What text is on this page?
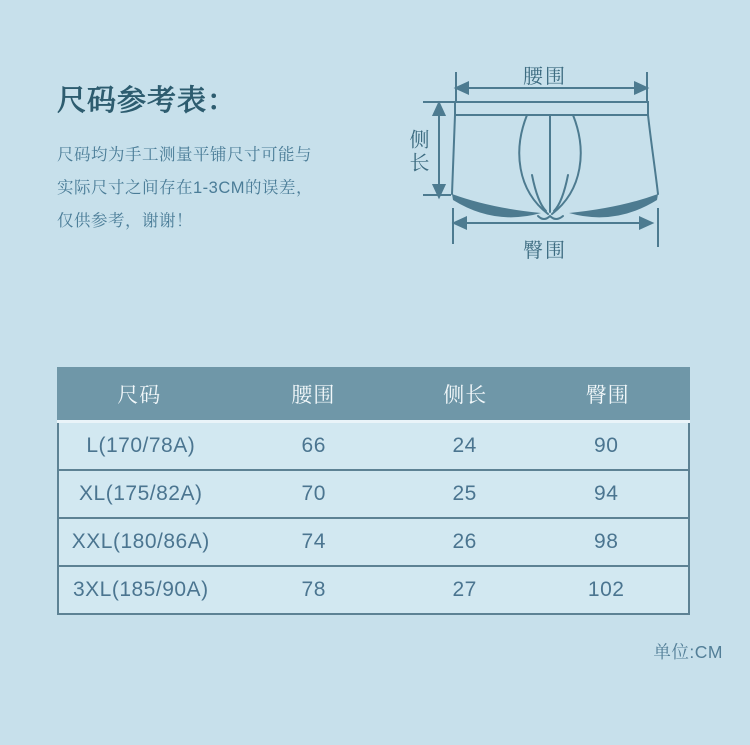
尺码参考表：
尺码均为手工测量平铺尺寸可能与
实际尺寸之间存在1-3CM的误差，
仅供参考，谢谢！
腰围
侧长
臀围
尺码	腰围	侧长	臀围
L(170/78A)	66	24	90
XL(175/82A)	70	25	94
XXL(180/86A)	74	26	98
3XL(185/90A)	78	27	102
单位:CM
